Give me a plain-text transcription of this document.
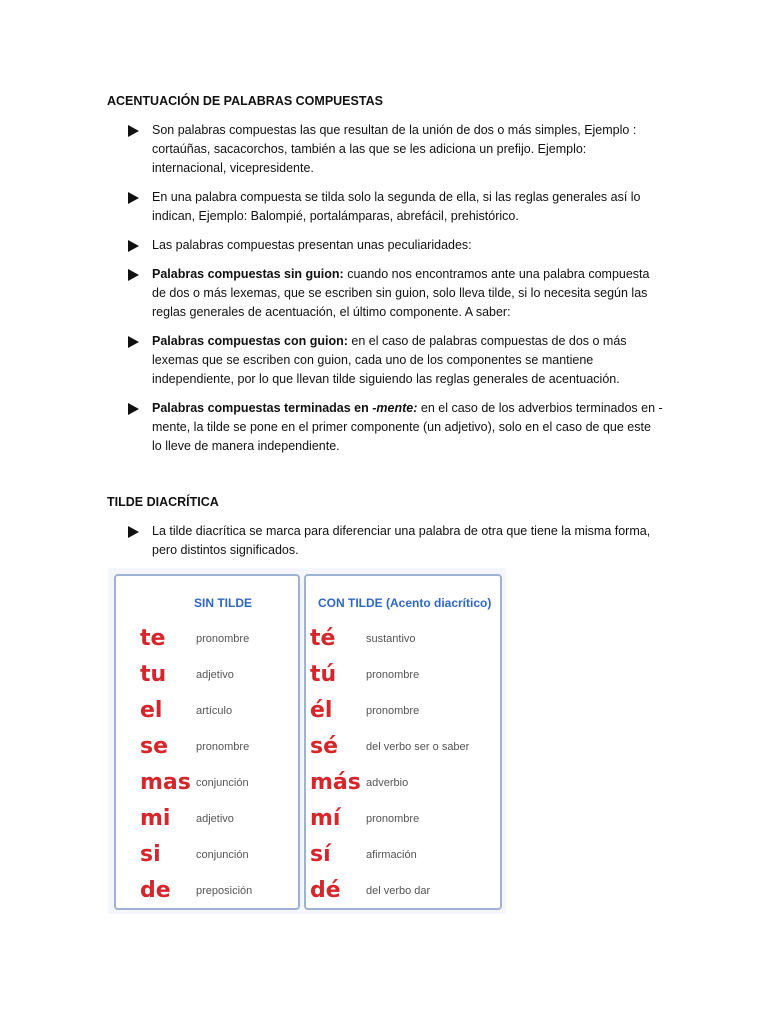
ACENTUACIÓN DE PALABRAS COMPUESTAS
Son palabras compuestas las que resultan de la unión de dos o más simples, Ejemplo : cortaúñas, sacacorchos, también a las que se les adiciona un prefijo. Ejemplo: internacional, vicepresidente.
En una palabra compuesta se tilda solo la segunda de ella, si las reglas generales así lo indican, Ejemplo: Balompié, portalámparas, abrefácil, prehistórico.
Las palabras compuestas presentan unas peculiaridades:
Palabras compuestas sin guion: cuando nos encontramos ante una palabra compuesta de dos o más lexemas, que se escriben sin guion, solo lleva tilde, si lo necesita según las reglas generales de acentuación, el último componente. A saber:
Palabras compuestas con guion: en el caso de palabras compuestas de dos o más lexemas que se escriben con guion, cada uno de los componentes se mantiene independiente, por lo que llevan tilde siguiendo las reglas generales de acentuación.
Palabras compuestas terminadas en -mente: en el caso de los adverbios terminados en -mente, la tilde se pone en el primer componente (un adjetivo), solo en el caso de que este lo lleve de manera independiente.
TILDE DIACRÍTICA
La tilde diacrítica se marca para diferenciar una palabra de otra que tiene la misma forma, pero distintos significados.
SIN TILDE
te	pronombre
tu	adjetivo
el	artículo
se	pronombre
mas conjunción
mi adjetivo
si	conjunción
de preposición
CON TILDE (Acento diacrítico)
té	sustantivo
tú	pronombre
él	pronombre
sé	del verbo ser o saber
más adverbio
mí pronombre
sí	afirmación
dé del verbo dar
